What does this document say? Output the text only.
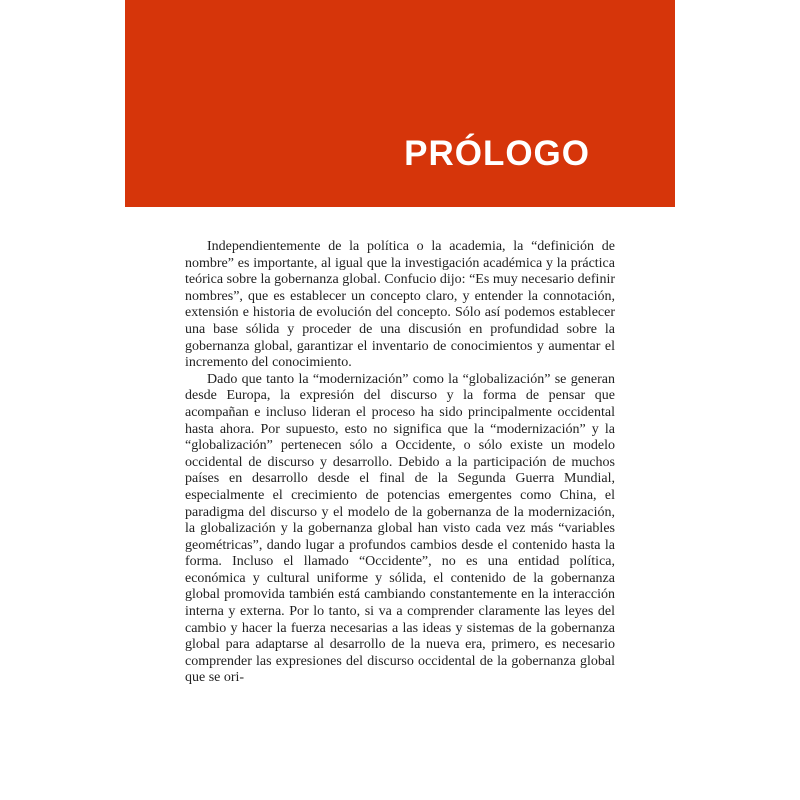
PRÓLOGO

Independientemente de la política o la academia, la “definición de nombre” es importante, al igual que la investigación académica y la práctica teórica sobre la gobernanza global. Confucio dijo: “Es muy necesario definir nombres”, que es establecer un concepto claro, y entender la connotación, extensión e historia de evolución del concepto. Sólo así podemos establecer una base sólida y proceder de una discusión en profundidad sobre la gobernanza global, garantizar el inventario de conocimientos y aumentar el incremento del conocimiento.

Dado que tanto la “modernización” como la “globalización” se generan desde Europa, la expresión del discurso y la forma de pensar que acompañan e incluso lideran el proceso ha sido principalmente occidental hasta ahora. Por supuesto, esto no significa que la “modernización” y la “globalización” pertenecen sólo a Occidente, o sólo existe un modelo occidental de discurso y desarrollo. Debido a la participación de muchos países en desarrollo desde el final de la Segunda Guerra Mundial, especialmente el crecimiento de potencias emergentes como China, el paradigma del discurso y el modelo de la gobernanza de la modernización, la globalización y la gobernanza global han visto cada vez más “variables geométricas”, dando lugar a profundos cambios desde el contenido hasta la forma. Incluso el llamado “Occidente”, no es una entidad política, económica y cultural uniforme y sólida, el contenido de la gobernanza global promovida también está cambiando constantemente en la interacción interna y externa. Por lo tanto, si va a comprender claramente las leyes del cambio y hacer la fuerza necesarias a las ideas y sistemas de la gobernanza global para adaptarse al desarrollo de la nueva era, primero, es necesario comprender las expresiones del discurso occidental de la gobernanza global que se ori-
